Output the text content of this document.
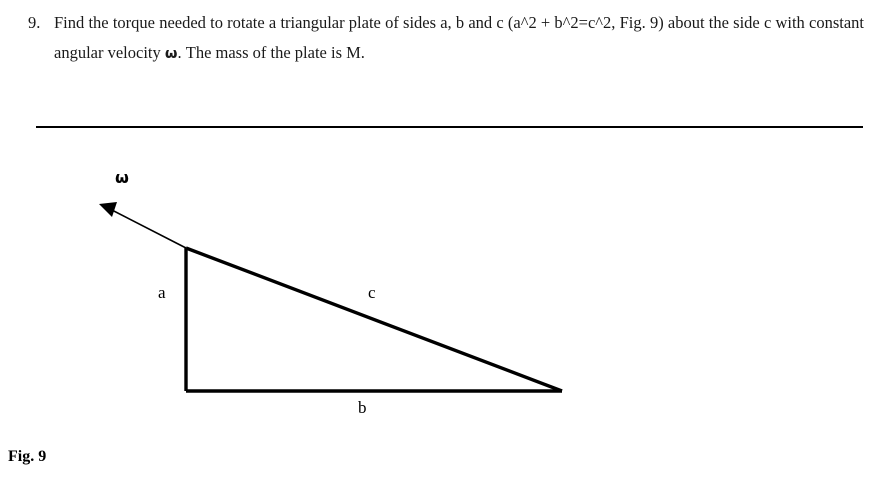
9. Find the torque needed to rotate a triangular plate of sides a, b and c (a^2 + b^2=c^2, Fig. 9) about the side c with constant angular velocity ω. The mass of the plate is M.
ω
a	c
b
Fig. 9
